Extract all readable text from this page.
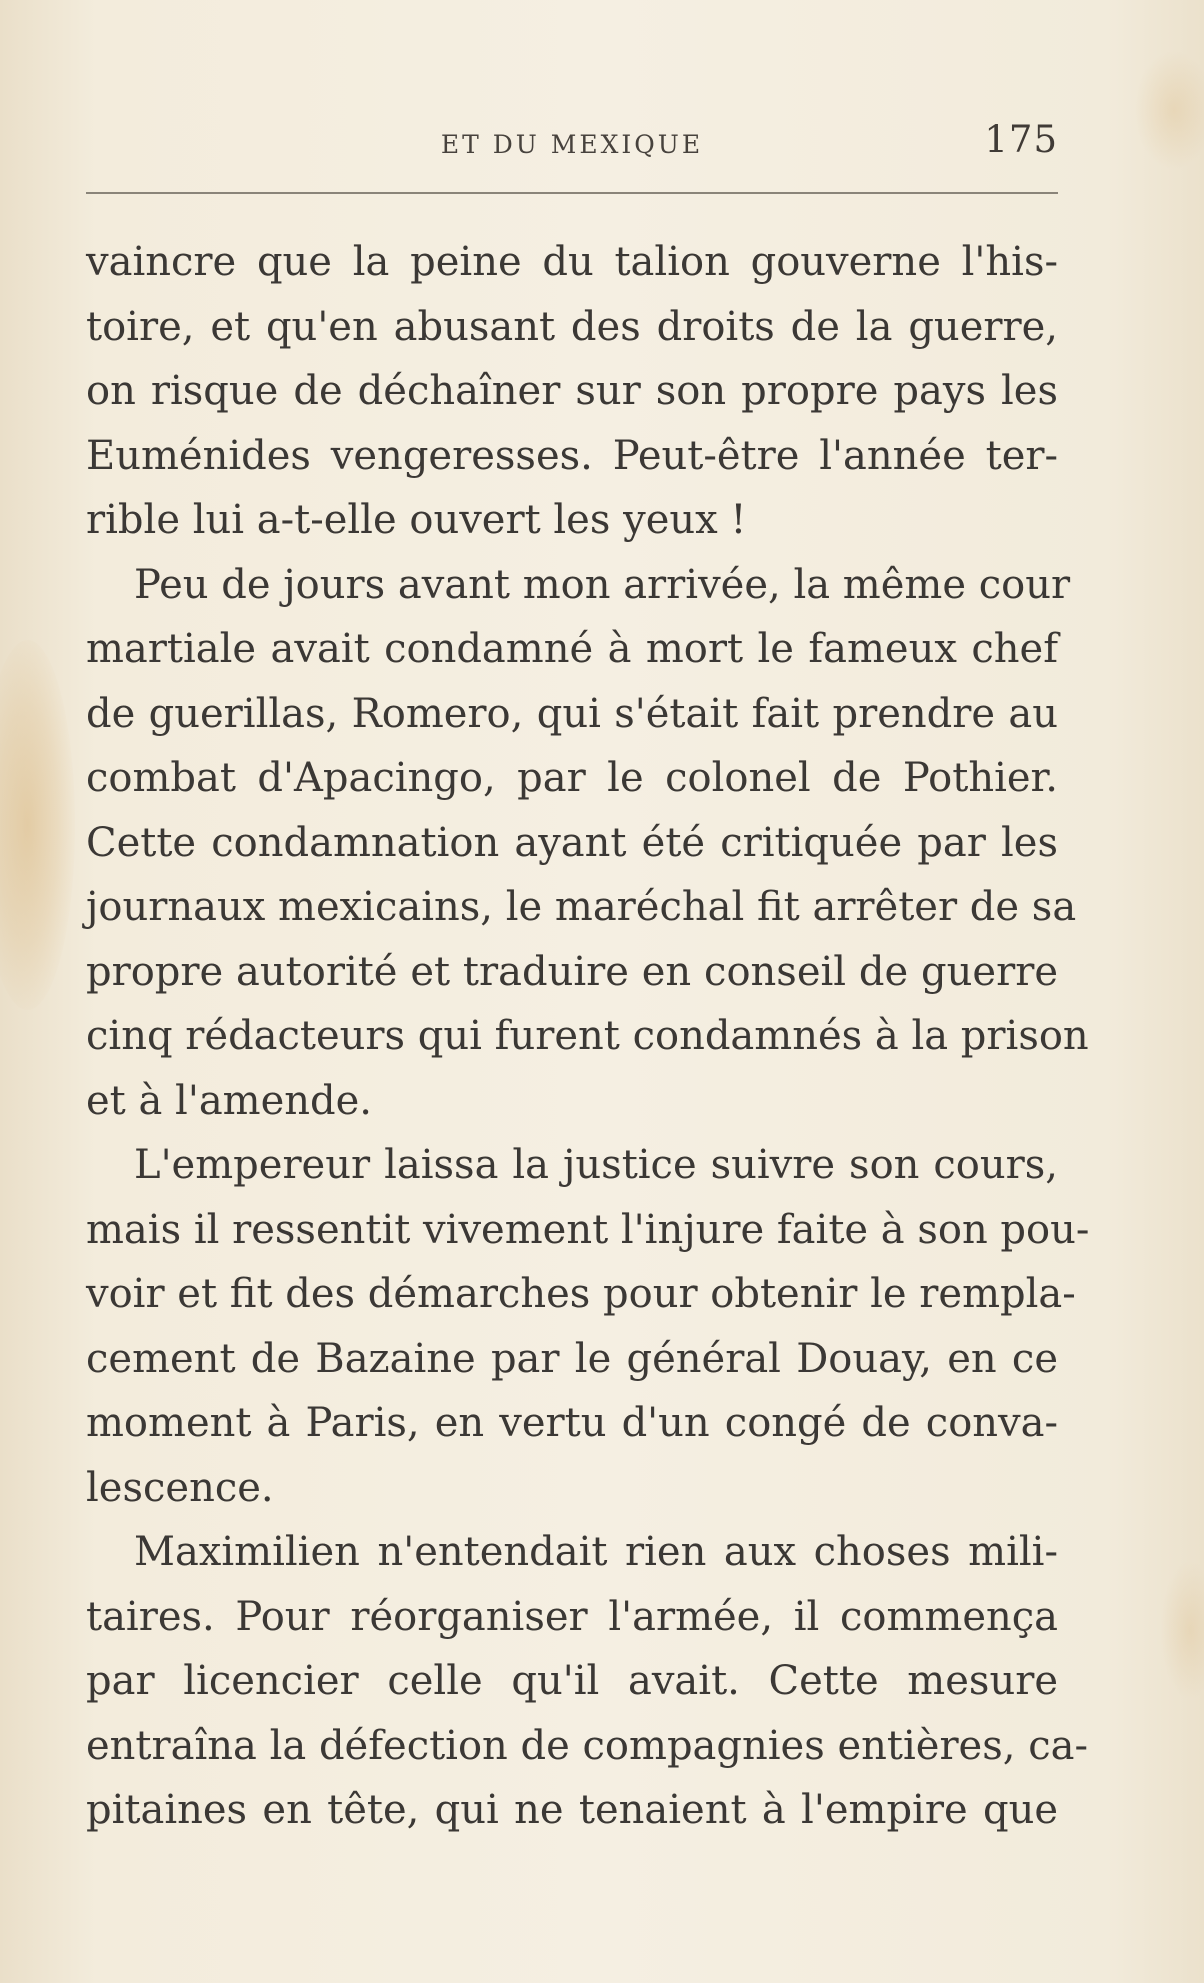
ET DU MEXIQUE	175
vaincre que la peine du talion gouverne l'his-
toire, et qu'en abusant des droits de la guerre,
on risque de déchaîner sur son propre pays les
Euménides vengeresses. Peut-être l'année ter-
rible lui a-t-elle ouvert les yeux !
Peu de jours avant mon arrivée, la même cour
martiale avait condamné à mort le fameux chef
de guerillas, Romero, qui s'était fait prendre au
combat d'Apacingo, par le colonel de Pothier.
Cette condamnation ayant été critiquée par les
journaux mexicains, le maréchal fit arrêter de sa
propre autorité et traduire en conseil de guerre
cinq rédacteurs qui furent condamnés à la prison
et à l'amende.
L'empereur laissa la justice suivre son cours,
mais il ressentit vivement l'injure faite à son pou-
voir et fit des démarches pour obtenir le rempla-
cement de Bazaine par le général Douay, en ce
moment à Paris, en vertu d'un congé de conva-
lescence.
Maximilien n'entendait rien aux choses mili-
taires. Pour réorganiser l'armée, il commença
par licencier celle qu'il avait. Cette mesure
entraîna la défection de compagnies entières, ca-
pitaines en tête, qui ne tenaient à l'empire que
